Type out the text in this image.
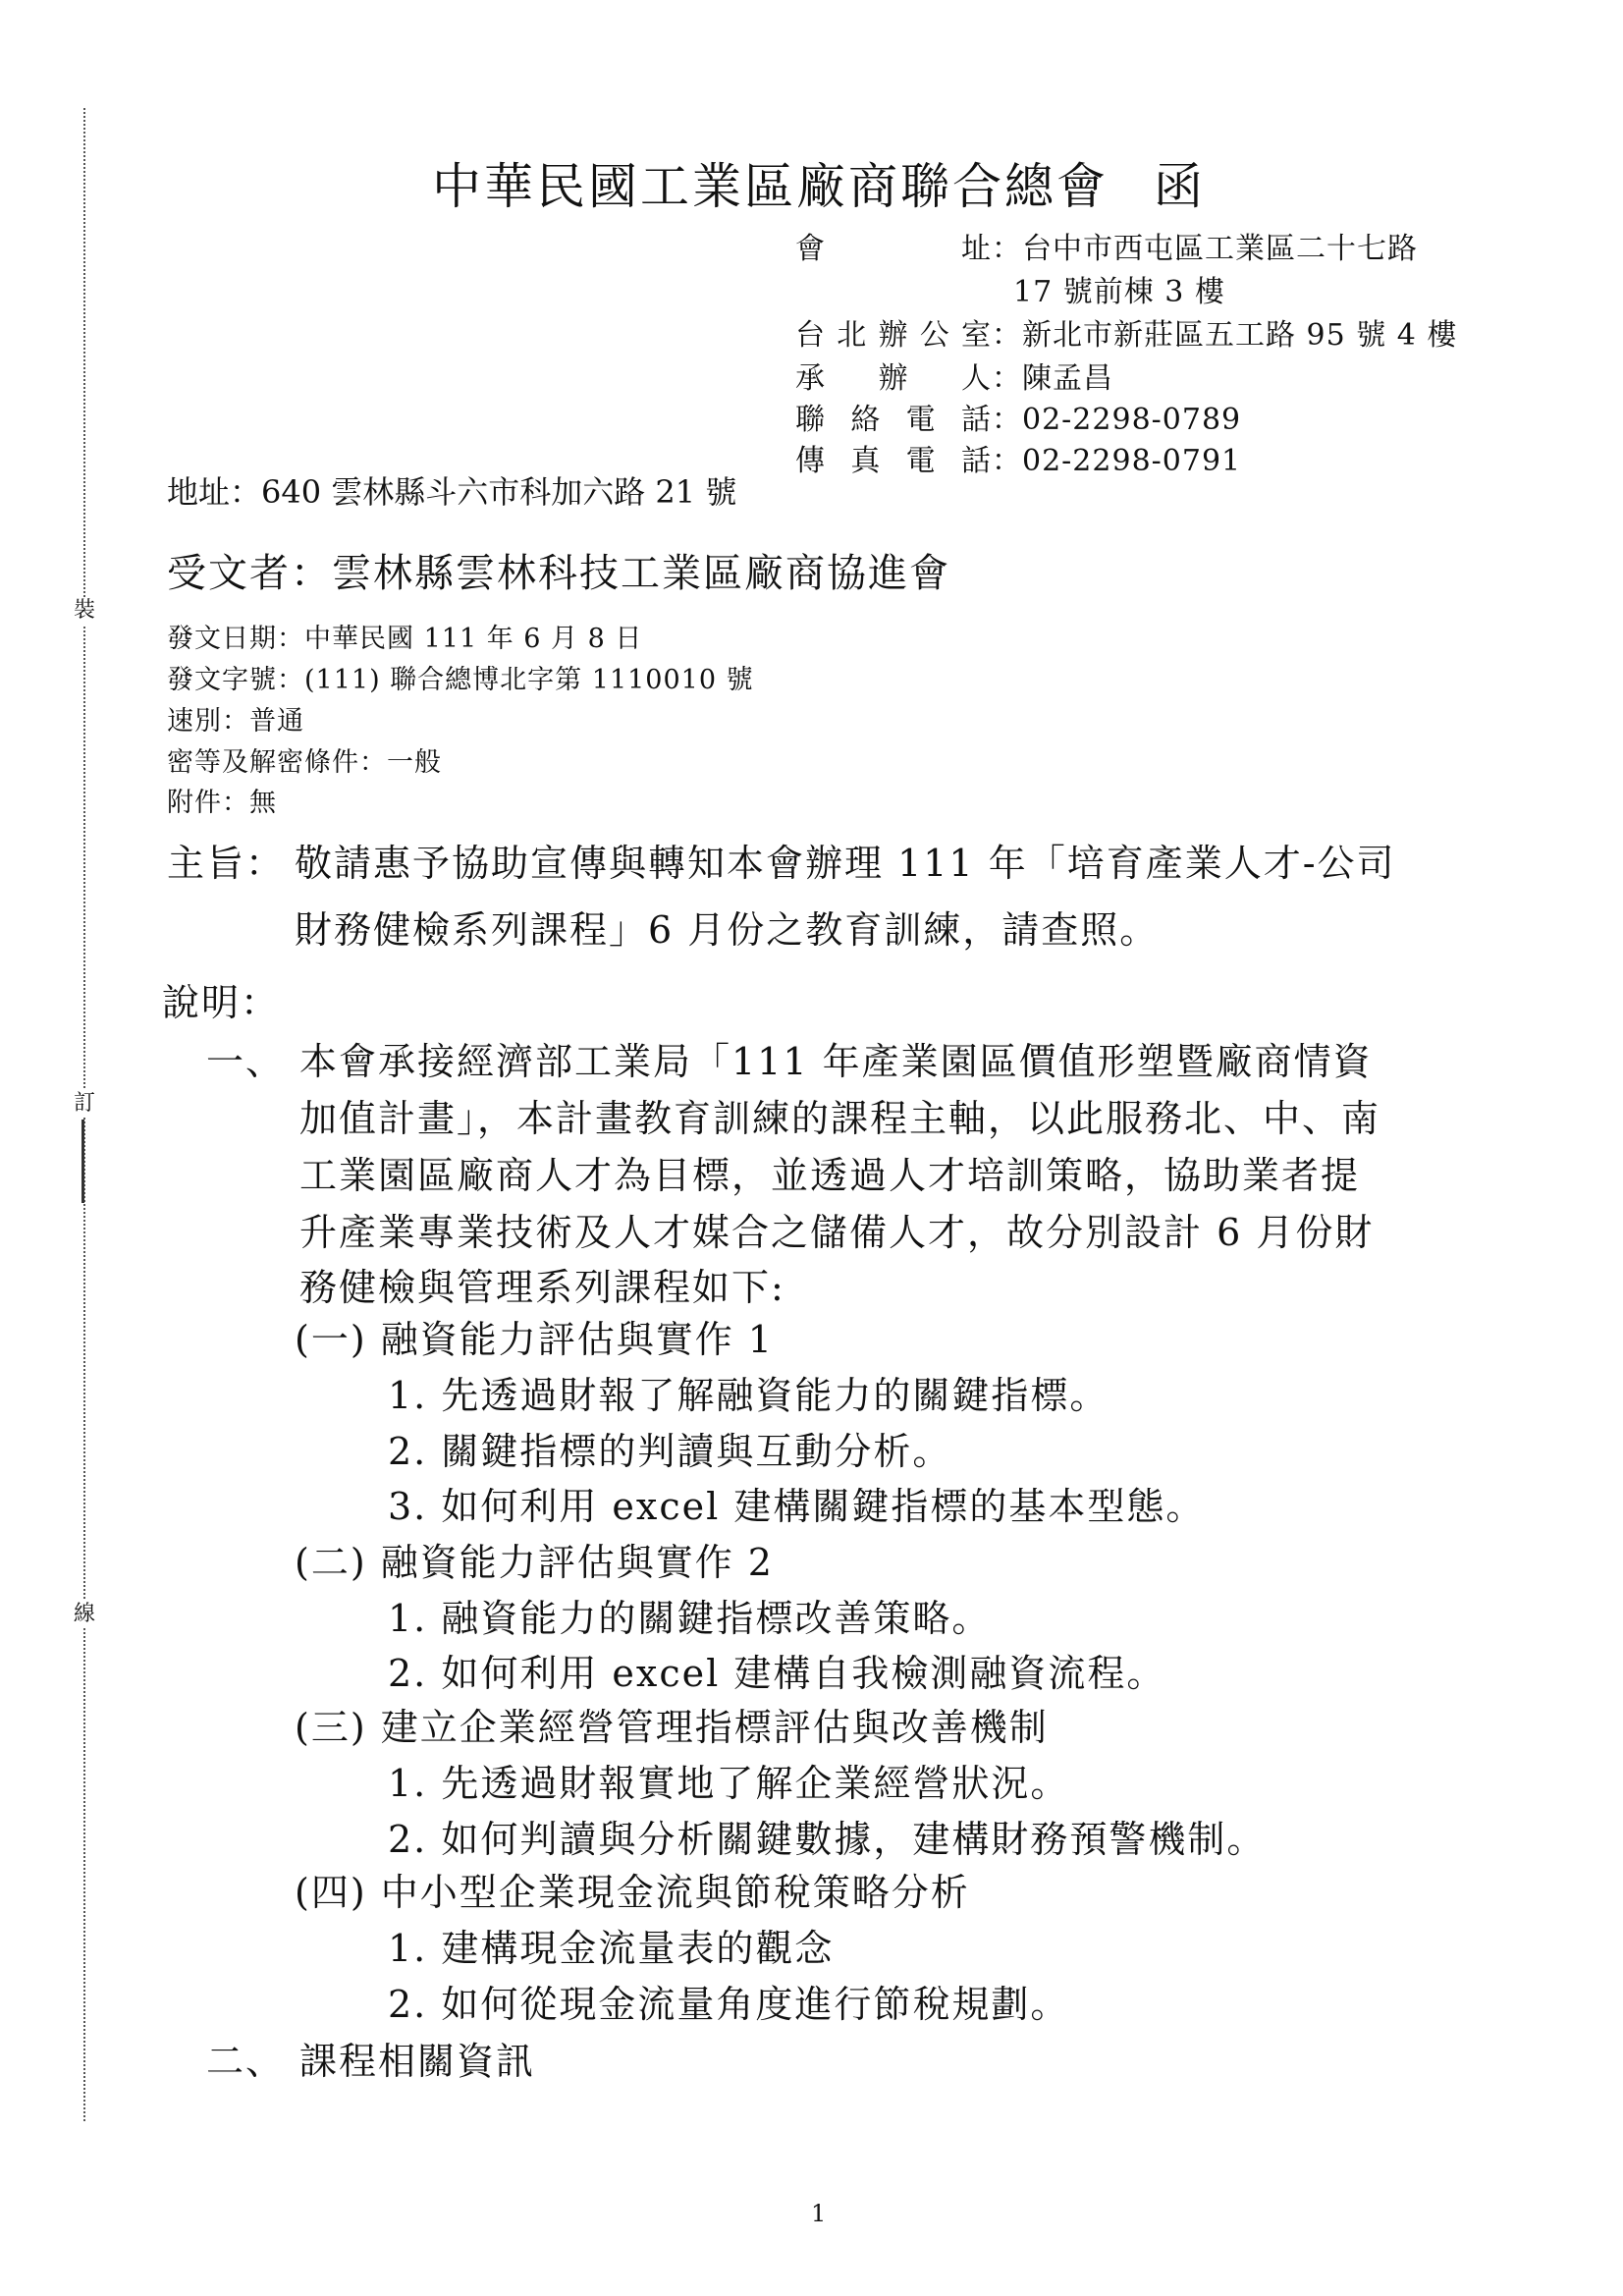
裝
訂
線
中華民國工業區廠商聯合總會 函
會　址：台中市西屯區工業區二十七路
17 號前棟 3 樓
台北辦公室：新北市新莊區五工路 95 號 4 樓
承 辦 人：陳孟昌
聯絡電話：02-2298-0789
傳真電話：02-2298-0791
地址：640 雲林縣斗六市科加六路 21 號
受文者：雲林縣雲林科技工業區廠商協進會
發文日期：中華民國 111 年 6 月 8 日
發文字號：(111) 聯合總博北字第 1110010 號
速別：普通
密等及解密條件：一般
附件：無
主旨： 敬請惠予協助宣傳與轉知本會辦理 111 年「培育產業人才-公司
財務健檢系列課程」6 月份之教育訓練，請查照。
說明：
一、 本會承接經濟部工業局「111 年產業園區價值形塑暨廠商情資
加值計畫」，本計畫教育訓練的課程主軸，以此服務北、中、南
工業園區廠商人才為目標，並透過人才培訓策略，協助業者提
升產業專業技術及人才媒合之儲備人才，故分別設計 6 月份財
務健檢與管理系列課程如下:
(一) 融資能力評估與實作 1
1. 先透過財報了解融資能力的關鍵指標。
2. 關鍵指標的判讀與互動分析。
3. 如何利用 excel 建構關鍵指標的基本型態。
(二) 融資能力評估與實作 2
1. 融資能力的關鍵指標改善策略。
2. 如何利用 excel 建構自我檢測融資流程。
(三) 建立企業經營管理指標評估與改善機制
1. 先透過財報實地了解企業經營狀況。
2. 如何判讀與分析關鍵數據，建構財務預警機制。
(四) 中小型企業現金流與節稅策略分析
1. 建構現金流量表的觀念
2. 如何從現金流量角度進行節稅規劃。
二、 課程相關資訊
1
